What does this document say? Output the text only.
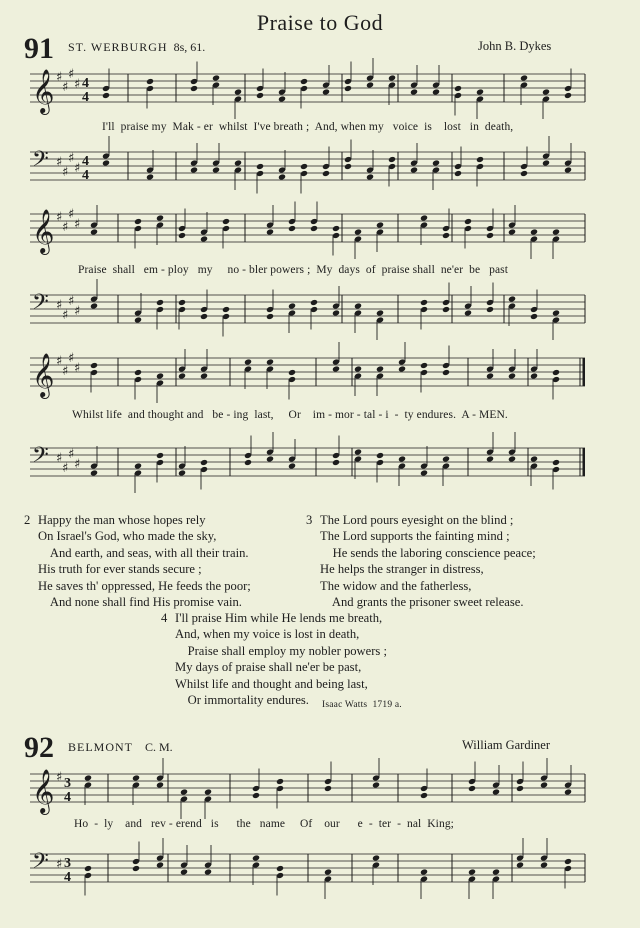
Praise to God
91 ST. WERBURGH 8s, 61.	John B. Dykes
𝄞 ♯
♯
♯
♯ 4
4
I'll  praise my  Mak - er  whilst  I've breath ;  And, when my   voice  is    lost   in  death,
𝄢 ♯
♯
♯
♯ 4
4
𝄞 ♯
♯
♯
♯
Praise  shall   em - ploy   my     no - bler powers ;  My  days  of  praise shall  ne'er  be   past
𝄢 ♯
♯
♯
♯
𝄞 ♯
♯
♯
♯
Whilst life  and thought and   be - ing  last,     Or    im - mor - tal - i  -  ty endures.  A - MEN.
𝄢 ♯
♯
♯
♯
2 Happy the man whose hopes rely
On Israel's God, who made the sky,
And earth, and seas, with all their train.
His truth for ever stands secure ;
He saves th' oppressed, He feeds the poor;
And none shall find His promise vain.
3 The Lord pours eyesight on the blind ;
The Lord supports the fainting mind ;
He sends the laboring conscience peace;
He helps the stranger in distress,
The widow and the fatherless,
And grants the prisoner sweet release.
4 I'll praise Him while He lends me breath,
And, when my voice is lost in death,
Praise shall employ my nobler powers ;
My days of praise shall ne'er be past,
Whilst life and thought and being last,
Or immortality endures.	Isaac Watts 1719 a.
92 BELMONT C. M.	William Gardiner
𝄞 ♯ 3
4
Ho  -  ly    and   rev - erend   is      the   name     Of    our      e  -  ter  -  nal  King;
𝄢 ♯ 3
4
